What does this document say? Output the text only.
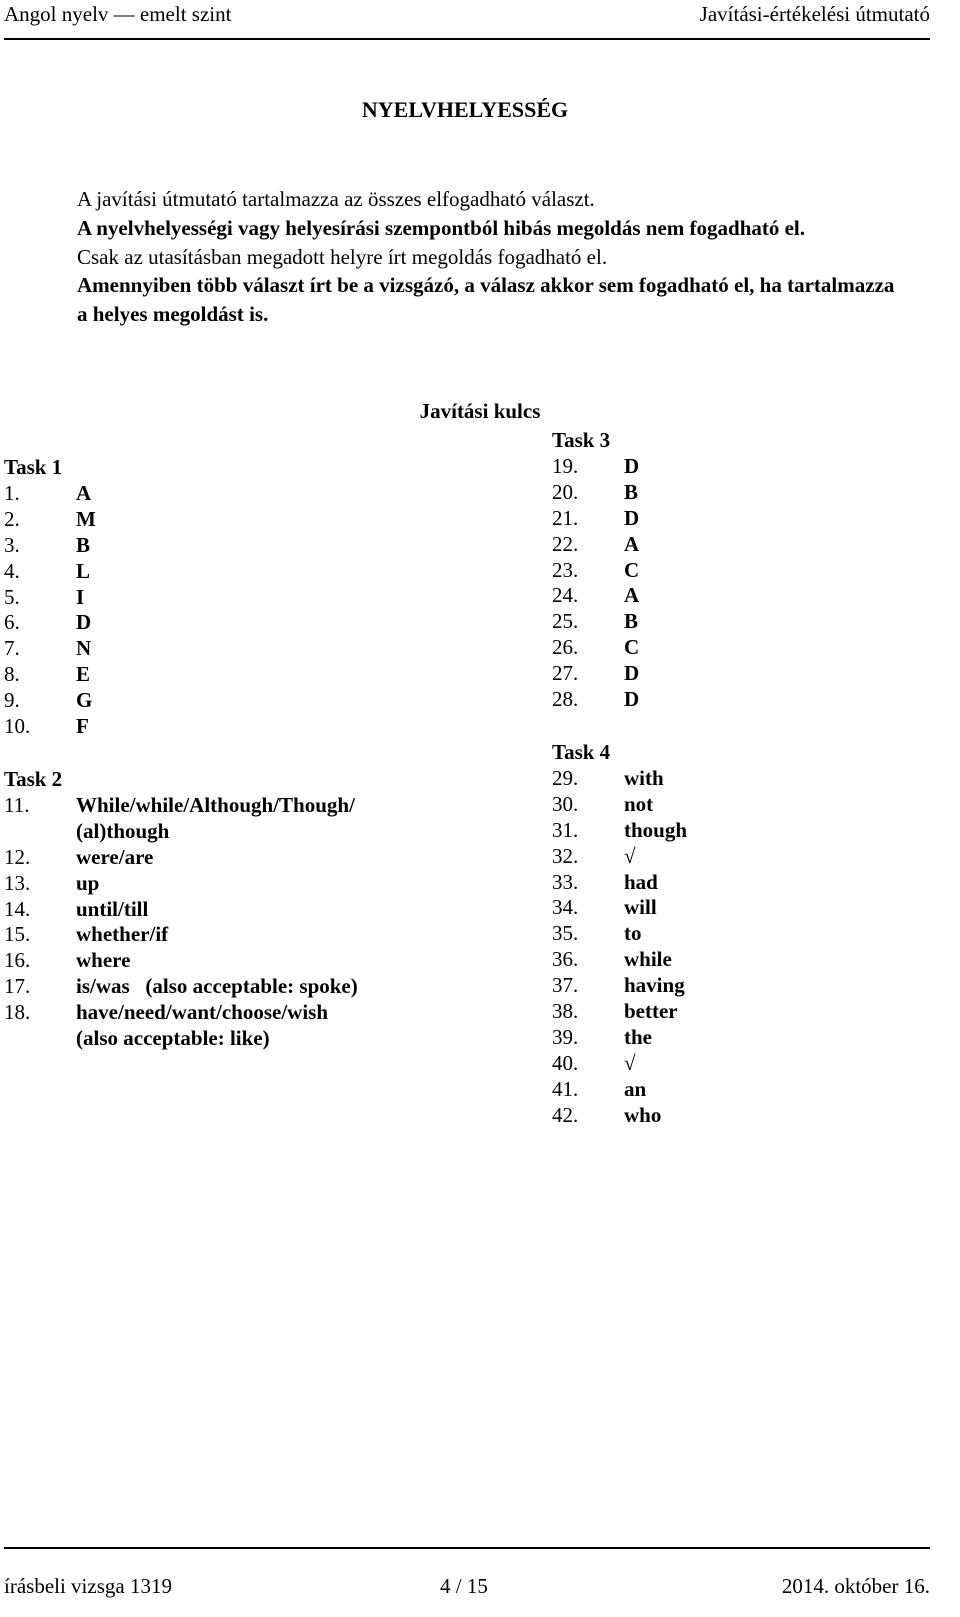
Angol nyelv — emelt szint	Javítási-értékelési útmutató
NYELVHELYESSÉG
A javítási útmutató tartalmazza az összes elfogadható választ.
A nyelvhelyességi vagy helyesírási szempontból hibás megoldás nem fogadható el.
Csak az utasításban megadott helyre írt megoldás fogadható el.
Amennyiben több választ írt be a vizsgázó, a válasz akkor sem fogadható el, ha tartalmazza a helyes megoldást is.
Javítási kulcs
Task 1
1.	A
2.	M
3.	B
4.	L
5.	I
6.	D
7.	N
8.	E
9.	G
10.	F
Task 2
11.	While/while/Although/Though/
(al)though
12.	were/are
13.	up
14.	until/till
15.	whether/if
16.	where
17.	is/was   (also acceptable: spoke)
18.	have/need/want/choose/wish
(also acceptable: like)
Task 3
19.	D
20.	B
21.	D
22.	A
23.	C
24.	A
25.	B
26.	C
27.	D
28.	D
Task 4
29.	with
30.	not
31.	though
32.	√
33.	had
34.	will
35.	to
36.	while
37.	having
38.	better
39.	the
40.	√
41.	an
42.	who
írásbeli vizsga 1319	4 / 15	2014. október 16.
